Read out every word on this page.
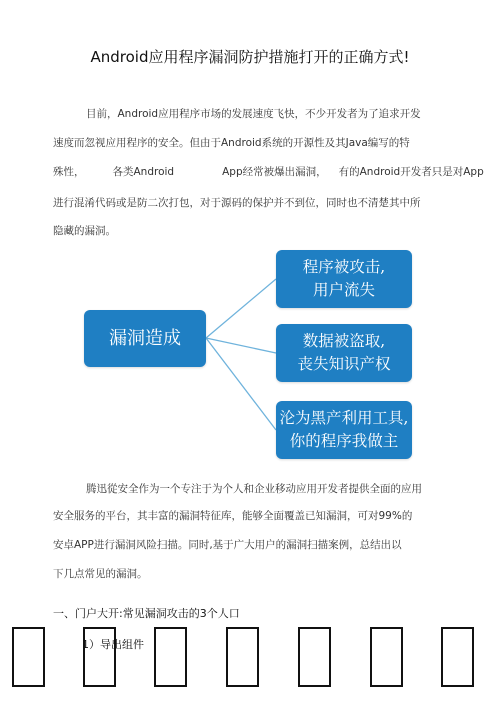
Android应用程序漏洞防护措施打开的正确方式!
目前，Android应用程序市场的发展速度飞快，不少开发者为了追求开发
速度而忽视应用程序的安全。但由于Android系统的开源性及其Java编写的特
殊性，	各类Android	App经常被爆出漏洞， 有的Android开发者只是对App
进行混淆代码或是防二次打包，对于源码的保护并不到位，同时也不清楚其中所
隐藏的漏洞。
漏洞造成
程序被攻击,
用户流失
数据被盗取,
丧失知识产权
沦为黑产利用工具,
你的程序我做主
腾迅從安全作为一个专注于为个人和企业移动应用开发者提供全面的应用
安全服务的平台，其丰富的漏洞特征库，能够全面覆盖已知漏洞，可对99%的
安卓APP进行漏洞风险扫描。同时,基于广大用户的漏洞扫描案例，总结出以
下几点常见的漏洞。
一、门户大开:常见漏洞攻击的3个人口
1）导出组件
